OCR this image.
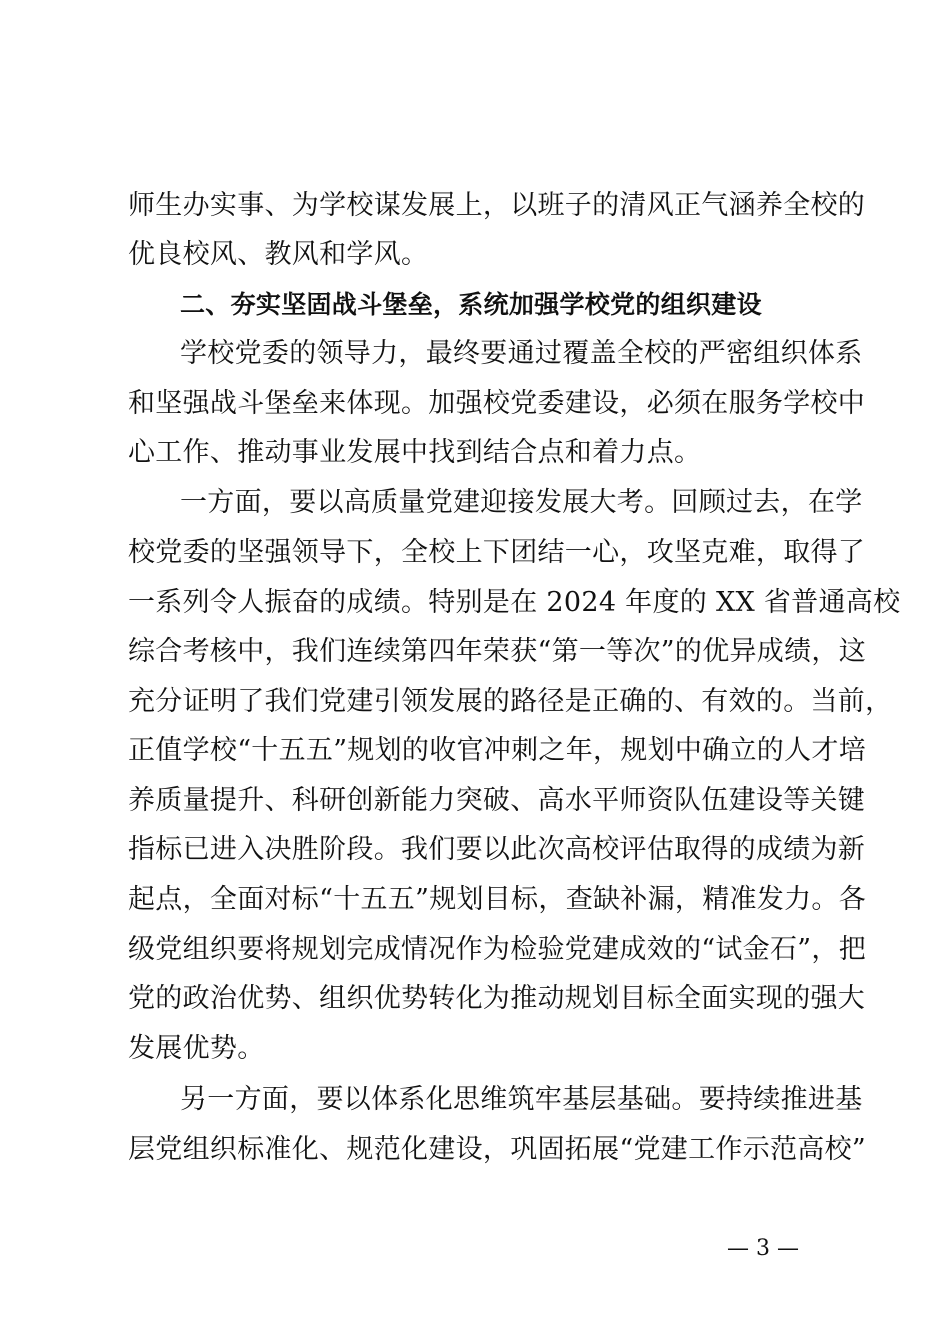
师生办实事、为学校谋发展上，以班子的清风正气涵养全校的
优良校风、教风和学风。
二、夯实坚固战斗堡垒，系统加强学校党的组织建设
学校党委的领导力，最终要通过覆盖全校的严密组织体系
和坚强战斗堡垒来体现。加强校党委建设，必须在服务学校中
心工作、推动事业发展中找到结合点和着力点。
一方面，要以高质量党建迎接发展大考。回顾过去，在学
校党委的坚强领导下，全校上下团结一心，攻坚克难，取得了
一系列令人振奋的成绩。特别是在 2024 年度的 XX 省普通高校
综合考核中，我们连续第四年荣获“第一等次”的优异成绩，这
充分证明了我们党建引领发展的路径是正确的、有效的。当前，
正值学校“十五五”规划的收官冲刺之年，规划中确立的人才培
养质量提升、科研创新能力突破、高水平师资队伍建设等关键
指标已进入决胜阶段。我们要以此次高校评估取得的成绩为新
起点，全面对标“十五五”规划目标，查缺补漏，精准发力。各
级党组织要将规划完成情况作为检验党建成效的“试金石”，把
党的政治优势、组织优势转化为推动规划目标全面实现的强大
发展优势。
另一方面，要以体系化思维筑牢基层基础。要持续推进基
层党组织标准化、规范化建设，巩固拓展“党建工作示范高校”
— 3 —
